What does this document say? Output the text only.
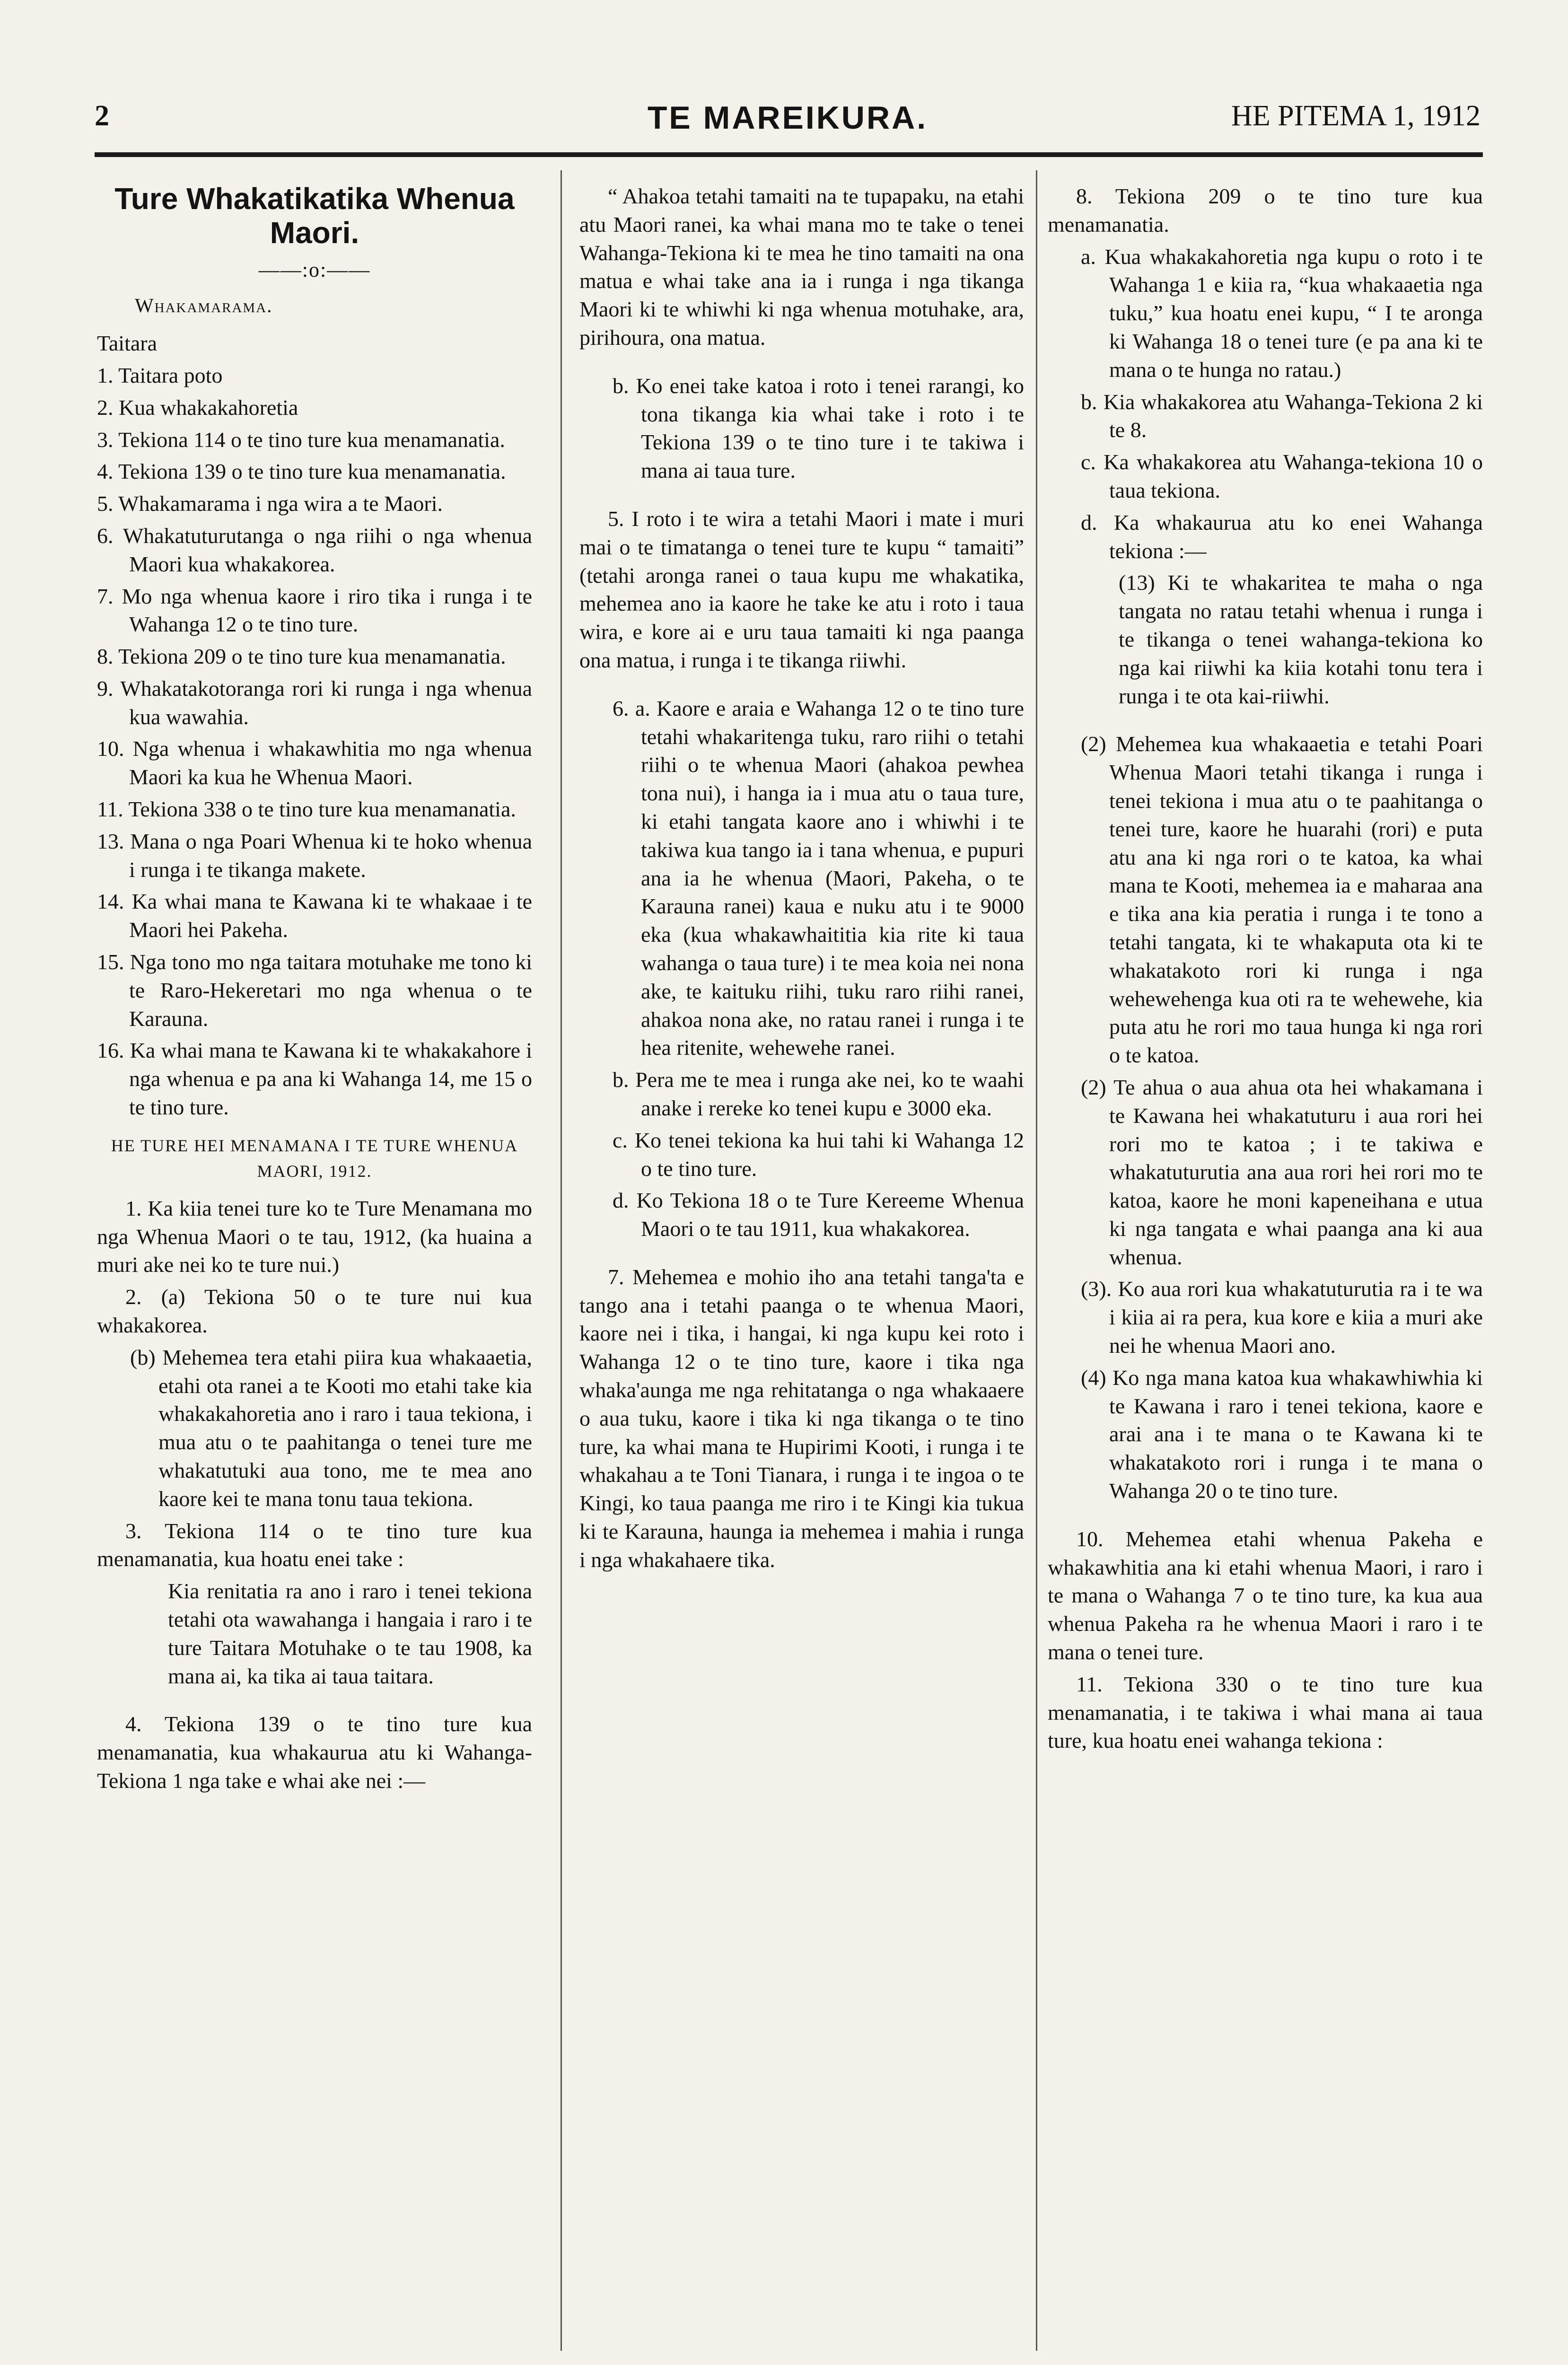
2	TE MAREIKURA.	HE PITEMA 1, 1912
Ture Whakatikatika Whenua Maori.
——:o:——
Whakamarama.

Taitara

1. Taitara poto

2. Kua whakakahoretia

3. Tekiona 114 o te tino ture kua menamanatia.

4. Tekiona 139 o te tino ture kua menamanatia.

5. Whakamarama i nga wira a te Maori.

6. Whakatuturutanga o nga riihi o nga whenua Maori kua whakakorea.

7. Mo nga whenua kaore i riro tika i runga i te Wahanga 12 o te tino ture.

8. Tekiona 209 o te tino ture kua menamanatia.

9. Whakatakotoranga rori ki runga i nga whenua kua wawahia.

10. Nga whenua i whakawhitia mo nga whenua Maori ka kua he Whenua Maori.

11. Tekiona 338 o te tino ture kua menamanatia.

13. Mana o nga Poari Whenua ki te hoko whenua i runga i te tikanga makete.

14. Ka whai mana te Kawana ki te whakaae i te Maori hei Pakeha.

15. Nga tono mo nga taitara motuhake me tono ki te Raro-Hekeretari mo nga whenua o te Karauna.

16. Ka whai mana te Kawana ki te whakakahore i nga whenua e pa ana ki Wahanga 14, me 15 o te tino ture.

HE TURE HEI MENAMANA I TE TURE WHENUA MAORI, 1912.

1. Ka kiia tenei ture ko te Ture Menamana mo nga Whenua Maori o te tau, 1912, (ka huaina a muri ake nei ko te ture nui.)

2. (a) Tekiona 50 o te ture nui kua whakakorea.

(b) Mehemea tera etahi piira kua whakaaetia, etahi ota ranei a te Kooti mo etahi take kia whakakahoretia ano i raro i taua tekiona, i mua atu o te paahitanga o tenei ture me whakatutuki aua tono, me te mea ano kaore kei te mana tonu taua tekiona.

3. Tekiona 114 o te tino ture kua menamanatia, kua hoatu enei take :

Kia renitatia ra ano i raro i tenei tekiona tetahi ota wawahanga i hangaia i raro i te ture Taitara Motuhake o te tau 1908, ka mana ai, ka tika ai taua taitara.

4. Tekiona 139 o te tino ture kua menamanatia, kua whakaurua atu ki Wahanga-Tekiona 1 nga take e whai ake nei :—

“ Ahakoa tetahi tamaiti na te tupapaku, na etahi atu Maori ranei, ka whai mana mo te take o tenei Wahanga-Tekiona ki te mea he tino tamaiti na ona matua e whai take ana ia i runga i nga tikanga Maori ki te whiwhi ki nga whenua motuhake, ara, pirihoura, ona matua.

b. Ko enei take katoa i roto i tenei rarangi, ko tona tikanga kia whai take i roto i te Tekiona 139 o te tino ture i te takiwa i mana ai taua ture.

5. I roto i te wira a tetahi Maori i mate i muri mai o te timatanga o tenei ture te kupu “ tamaiti” (tetahi aronga ranei o taua kupu me whakatika, mehemea ano ia kaore he take ke atu i roto i taua wira, e kore ai e uru taua tamaiti ki nga paanga ona matua, i runga i te tikanga riiwhi.

6. a. Kaore e araia e Wahanga 12 o te tino ture tetahi whakaritenga tuku, raro riihi o tetahi riihi o te whenua Maori (ahakoa pewhea tona nui), i hanga ia i mua atu o taua ture, ki etahi tangata kaore ano i whiwhi i te takiwa kua tango ia i tana whenua, e pupuri ana ia he whenua (Maori, Pakeha, o te Karauna ranei) kaua e nuku atu i te 9000 eka (kua whakawhaititia kia rite ki taua wahanga o taua ture) i te mea koia nei nona ake, te kaituku riihi, tuku raro riihi ranei, ahakoa nona ake, no ratau ranei i runga i te hea ritenite, wehewehe ranei.

b. Pera me te mea i runga ake nei, ko te waahi anake i rereke ko tenei kupu e 3000 eka.

c. Ko tenei tekiona ka hui tahi ki Wahanga 12 o te tino ture.

d. Ko Tekiona 18 o te Ture Kereeme Whenua Maori o te tau 1911, kua whakakorea.

7. Mehemea e mohio iho ana tetahi tanga'ta e tango ana i tetahi paanga o te whenua Maori, kaore nei i tika, i hangai, ki nga kupu kei roto i Wahanga 12 o te tino ture, kaore i tika nga whaka'aunga me nga rehitatanga o nga whakaaere o aua tuku, kaore i tika ki nga tikanga o te tino ture, ka whai mana te Hupirimi Kooti, i runga i te whakahau a te Toni Tianara, i runga i te ingoa o te Kingi, ko taua paanga me riro i te Kingi kia tukua ki te Karauna, haunga ia mehemea i mahia i runga i nga whakahaere tika.

8. Tekiona 209 o te tino ture kua menamanatia.

a. Kua whakakahoretia nga kupu o roto i te Wahanga 1 e kiia ra, “kua whakaaetia nga tuku,” kua hoatu enei kupu, “ I te aronga ki Wahanga 18 o tenei ture (e pa ana ki te mana o te hunga no ratau.)

b. Kia whakakorea atu Wahanga-Tekiona 2 ki te 8.

c. Ka whakakorea atu Wahanga-tekiona 10 o taua tekiona.

d. Ka whakaurua atu ko enei Wahanga tekiona :—

(13) Ki te whakaritea te maha o nga tangata no ratau tetahi whenua i runga i te tikanga o tenei wahanga-tekiona ko nga kai riiwhi ka kiia kotahi tonu tera i runga i te ota kai-riiwhi.

(2) Mehemea kua whakaaetia e tetahi Poari Whenua Maori tetahi tikanga i runga i tenei tekiona i mua atu o te paahitanga o tenei ture, kaore he huarahi (rori) e puta atu ana ki nga rori o te katoa, ka whai mana te Kooti, mehemea ia e maharaa ana e tika ana kia peratia i runga i te tono a tetahi tangata, ki te whakaputa ota ki te whakatakoto rori ki runga i nga wehewehenga kua oti ra te wehewehe, kia puta atu he rori mo taua hunga ki nga rori o te katoa.

(2) Te ahua o aua ahua ota hei whakamana i te Kawana hei whakatuturu i aua rori hei rori mo te katoa ; i te takiwa e whakatuturutia ana aua rori hei rori mo te katoa, kaore he moni kapeneihana e utua ki nga tangata e whai paanga ana ki aua whenua.

(3). Ko aua rori kua whakatuturutia ra i te wa i kiia ai ra pera, kua kore e kiia a muri ake nei he whenua Maori ano.

(4) Ko nga mana katoa kua whakawhiwhia ki te Kawana i raro i tenei tekiona, kaore e arai ana i te mana o te Kawana ki te whakatakoto rori i runga i te mana o Wahanga 20 o te tino ture.

10. Mehemea etahi whenua Pakeha e whakawhitia ana ki etahi whenua Maori, i raro i te mana o Wahanga 7 o te tino ture, ka kua aua whenua Pakeha ra he whenua Maori i raro i te mana o tenei ture.

11. Tekiona 330 o te tino ture kua menamanatia, i te takiwa i whai mana ai taua ture, kua hoatu enei wahanga tekiona :
